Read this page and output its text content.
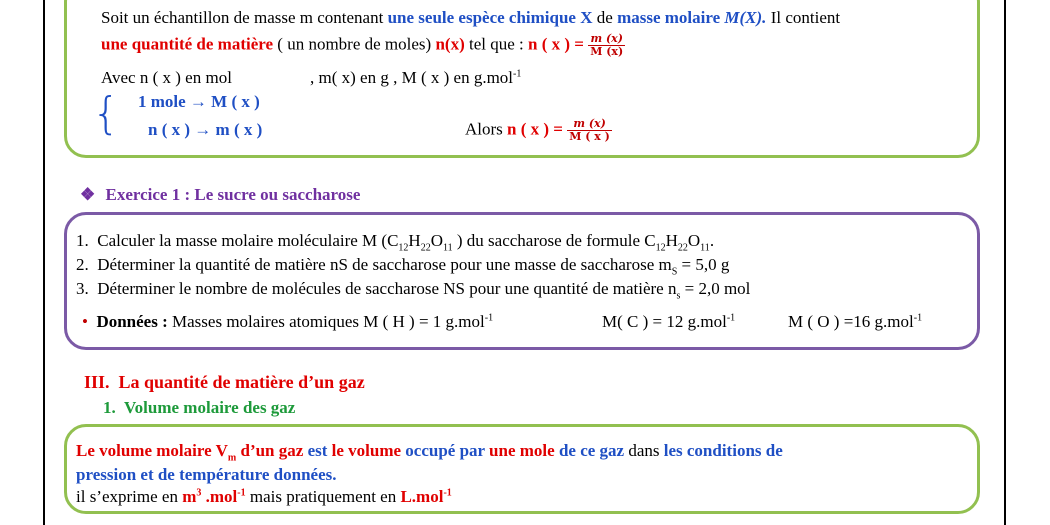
Soit un échantillon de masse m contenant une seule espèce chimique X de masse molaire M(X). Il contient
une quantité de matière ( un nombre de moles) n(x) tel que : n ( x ) = $\frac{m (x)}{M (x)}$
Avec n ( x ) en mol	, m( x) en g , M ( x ) en g.mol$^{-1}$
{ 1 mole → M ( x )
n ( x ) → m ( x )	Alors n ( x ) = $\frac{m (x)}{M ( x )}$
❖ Exercice 1 : Le sucre ou saccharose
1. Calculer la masse molaire moléculaire M ($C_{12}H_{22}O_{11}$ ) du saccharose de formule $C_{12}H_{22}O_{11}$.
2. Déterminer la quantité de matière nS de saccharose pour une masse de saccharose $m_S = 5,0$ g
3. Déterminer le nombre de molécules de saccharose NS pour une quantité de matière $n_s = 2,0$ mol
• Données : Masses molaires atomiques M ( H ) = 1 g.mol$^{-1}$	M( C ) = 12 g.mol$^{-1}$	M ( O ) =16 g.mol$^{-1}$
III. La quantité de matière d’un gaz
1. Volume molaire des gaz
Le volume molaire $V_m$ d’un gaz est le volume occupé par une mole de ce gaz dans les conditions de
pression et de température données.
il s’exprime en $m^3$ .mol$^{-1}$ mais pratiquement en L.mol$^{-1}$
